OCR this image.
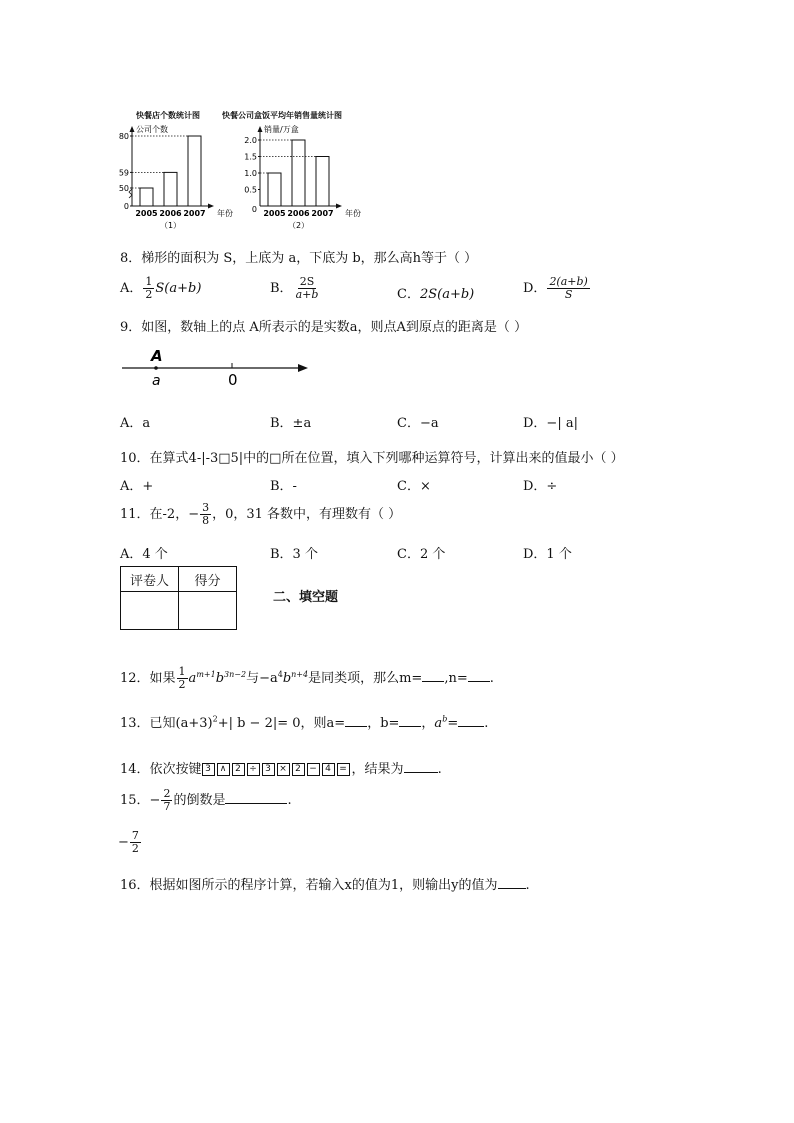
快餐店个数统计图	快餐公司盒饭平均年销售量统计图
公司个数
年份
0
50
59
80
2005 2006 2007
（1）
销量/万盒
年份
0.5
1.0
1.5
2.0
2005 2006 2007
（2）
0
8．梯形的面积为 S，上底为 a，下底为 b，那么高h等于（ ）
A． $\frac{1}{2} S(a+b)$	B． $\frac{2S}{a+b}$	C．2S(a+b)	D． $\frac{2(a+b)}{S}$
9．如图，数轴上的点 A所表示的是实数a，则点A到原点的距离是（ ）
A
a	0
A．a	B．±a	C．−a	D．−| a|
10．在算式4-|-3□5|中的□所在位置，填入下列哪种运算符号，计算出来的值最小（ ）
A．+	B．-	C．×	D．÷
11．在-2，− $\frac{3}{8}$ ，0，31 各数中，有理数有（ ）
A．4 个	B．3 个	C．2 个	D．1 个
评卷人	得分

二、填空题
12．如果 $\frac{1}{2} a^{m+1}b^{3n-2}$与$-a^4b^{n+4}$是同类项，那么m= ,n= .
13．已知$(a+3)^2+|$ b − 2|= 0，则a= ，b= ，$a^b=$ .
14．依次按键 3 ∧ 2 ÷ 3 × 2 − 4 = ，结果为	.
15．− $\frac{2}{7}$ 的倒数是	.
− $\frac{7}{2}$
16．根据如图所示的程序计算，若输入x的值为1，则输出y的值为 .
